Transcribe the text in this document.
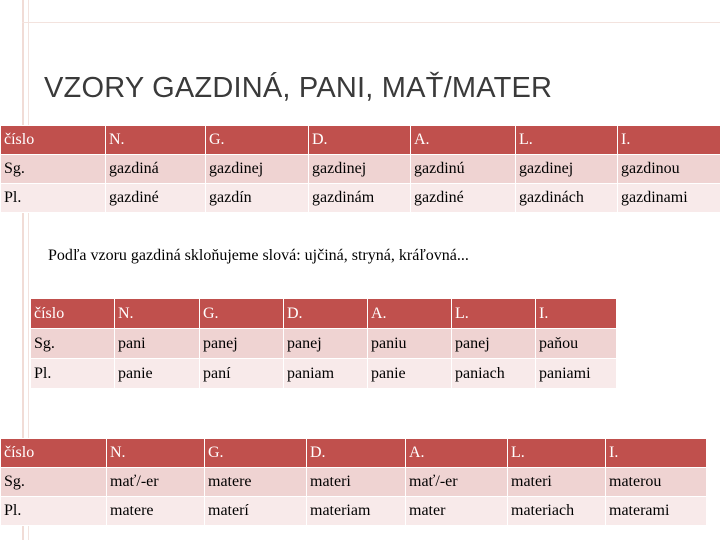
VZORY GAZDINÁ, PANI, MAŤ/MATER
číslo	N.	G.	D.	A.	L.	I.
Sg.	gazdiná	gazdinej	gazdinej	gazdinú	gazdinej	gazdinou
Pl.	gazdiné	gazdín	gazdinám	gazdiné	gazdinách	gazdinami
Podľa vzoru gazdiná skloňujeme slová: ujčiná, stryná, kráľovná...
číslo	N.	G.	D.	A.	L.	I.
Sg.	pani	panej	panej	paniu	panej	paňou
Pl.	panie	paní	paniam	panie	paniach	paniami
číslo	N.	G.	D.	A.	L.	I.
Sg.	mať/-er	matere	materi	mať/-er	materi	materou
Pl.	matere	materí	materiam	mater	materiach	materami
